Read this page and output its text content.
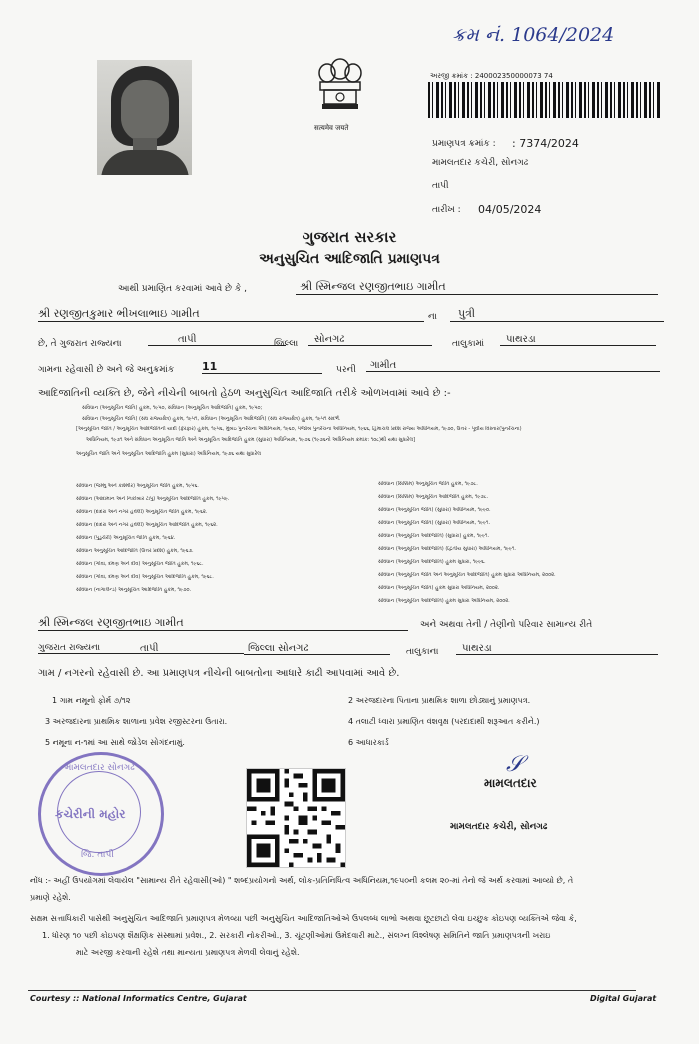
ક્રમ નં. 1064/2024
सत्यमेव जयते
અરજી ક્રમાંક : 240002350000073 74
પ્રમાણપત્ર ક્રમાંક : : 7374/2024
મામલતદાર કચેરી, સોનગઢ
તાપી
તારીખ : 04/05/2024
ગુજરાત સરકાર
અનુસુચિત આદિજાતિ પ્રમાણપત્ર
આથી પ્રમાણિત કરવામાં આવે છે કે ,	શ્રી સ્મિન્જલ રણજીતભાઇ ગામીત
શ્રી રણજીતકુમાર ભીખલાભાઇ ગામીત	ના	પુત્રી
છે, તે ગુજરાત રાજ્યના	તાપી	જિલ્લા	સોનગઢ	તાલુકામાં	પાથરડા
ગામના રહેવાસી છે અને જે અનુક્રમાંક	11	પરની	ગામીત
આદિજાતિની વ્યક્તિ છે, જેને નીચેની બાબતો હેઠળ અનુસુચિત આદિજાતિ તરીકે ઓળખવામાં આવે છે :-
સંવિધાન (અનુસૂચિત જાતિ) હુકમ, ૧૯૫૦, સંવિધાન (અનુસૂચિત આદિજાતિ) હુકમ, ૧૯૫૦;
સંવિધાન (અનુસૂચિત જાતિ) (સંઘ રાજ્યક્ષેત્ર) હુકમ, ૧૯૫૧, સંવિધાન (અનુસૂચિત આદિજાતિ) (સંઘ રાજ્યક્ષેત્ર) હુકમ, ૧૯૫૧ સંદર્ભ.
[અનુસૂચિત જાતિ / અનુસૂચિત આદિજાતિની યાદી (ફેરફાર) હુકમ, ૧૯૫૬, મુંબઇ પુનર્રચના અધિનિયમ, ૧૯૬૦, પંજાબ પુનર્રચના અધિનિયમ, ૧૯૬૬, હિમાચલ પ્રદેશ રાજ્ય અધિનિયમ, ૧૯૭૦, ઉત્તર - પૂર્વીય વિસ્તાર(પુનર્રચના)
અધિનિયમ, ૧૯૭૧ અને સંવિધાન અનુસૂચિત જાતિ અને અનુસૂચિત આદિજાતિ હુકમ (સુધારા) અધિનિયમ, ૧૯૭૬ (૧૯૭૬નો અધિનિયમ ક્રમાંક: ૧૦૮)થી યથા સુધારેલ]
અનુસૂચિત જાતિ અને અનુસૂચિત આદિજાતિ હુકમ (સુધારા) અધિનિયમ, ૧૯૭૬ યથા સુધારેલ
સંવિધાન (જમ્મુ અને કાશ્મીર) અનુસૂચિત જાતિ હુકમ, ૧૯૫૬.
સંવિધાન (આંદામાન અને નિકોબાર ટાપુ) અનુસૂચિત આદિજાતિ હુકમ, ૧૯૫૯.
સંવિધાન (દાદરા અને નગર હવેલી) અનુસૂચિત જાતિ હુકમ, ૧૯૬૨.
સંવિધાન (દાદરા અને નગર હવેલી) અનુસૂચિત આદિજાતિ હુકમ, ૧૯૬૨.
સંવિધાન (પુડુચેરી) અનુસૂચિત જાતિ હુકમ, ૧૯૬૪.
સંવિધાન અનુસૂચિત આદિજાતિ (ઉત્તર પ્રદેશ) હુકમ, ૧૯૬૭.
સંવિધાન (ગોવા, દમણ અને દીવ) અનુસૂચિત જાતિ હુકમ, ૧૯૬૮.
સંવિધાન (ગોવા, દમણ અને દીવ) અનુસૂચિત આદિજાતિ હુકમ, ૧૯૬૮.
સંવિધાન (નાગાલેન્ડ) અનુસૂચિત આદિજાતિ હુકમ, ૧૯૭૦.
સંવિધાન (સિક્કિમ) અનુસૂચિત જાતિ હુકમ, ૧૯૭૮.
સંવિધાન (સિક્કિમ) અનુસૂચિત આદિજાતિ હુકમ, ૧૯૭૮.
સંવિધાન (અનુસૂચિત જાતિ) (સુધારા) અધિનિયમ, ૧૯૯૦.
સંવિધાન (અનુસૂચિત જાતિ) (સુધારા) અધિનિયમ, ૧૯૯૧.
સંવિધાન (અનુસૂચિત આદિજાતિ) (સુધારા) હુકમ, ૧૯૯૧.
સંવિધાન (અનુસૂચિત આદિજાતિ) (દ્વિતીય સુધારા) અધિનિયમ, ૧૯૯૧.
સંવિધાન (અનુસૂચિત આદિજાતિ) હુકમ સુધારા, ૧૯૯૬.
સંવિધાન (અનુસૂચિત જાતિ અને અનુસૂચિત આદિજાતિ) હુકમ સુધારા અધિનિયમ, ૨૦૦૨.
સંવિધાન (અનુસૂચિત જાતિ) હુકમ સુધારા અધિનિયમ, ૨૦૦૨.
સંવિધાન (અનુસૂચિત આદિજાતિ) હુકમ સુધારા અધિનિયમ, ૨૦૦૨.
શ્રી સ્મિન્જલ રણજીતભાઇ ગામીત	અને અથવા તેની / તેણીનો પરિવાર સામાન્ય રીતે
ગુજરાત રાજ્યના	તાપી	જિલ્લા સોનગઢ	તાલુકાના	પાથરડા
ગામ / નગરનો રહેવાસી છે. આ પ્રમાણપત્ર નીચેની બાબતોના આધારે કાઢી આપવામાં આવે છે.
1 ગામ નમૂનો ફોર્મ ૭/૧૨	2 અરજદારના પિતાના પ્રાથમિક શાળા છોડ્યાનું પ્રમાણપત્ર.
3 અરજદારના પ્રાથમિક શાળાના પ્રવેશ રજીસ્ટરના ઉતારા.	4 તલાટી ધ્વારા પ્રમાણિત વંશવૃક્ષ (પરદાદાથી શરૂઆત કરીને.)
5 નમૂના ન-૧માં આ સાથે જોડેલ સોગંદનામું.	6 આધારકાર્ડ
મામલતદાર સોનગઢ
કચેરીની મહોર
જિ. તાપી
𝒮
મામલતદાર
મામલતદાર કચેરી, સોનગઢ
નોંધ :- અહીં ઉપયોગમાં લેવાયેલ "સામાન્ય રીતે રહેવાસી(ઓ) " શબ્દપ્રયોગનો અર્થ, લોક-પ્રતિનિધિત્વ અધિનિયમ,૧૯૫૦ની કલમ ૨૦-માં તેનો જે અર્થ કરવામાં આવ્યો છે, તે
પ્રમાણે રહેશે.
સક્ષમ સત્તાધિકારી પાસેથી અનુસુચિત આદિજાતિ પ્રમાણપત્ર મેળવ્યા પછી અનુસુચિત આદિજાતિઓએ ઉપલબ્ધ લાભો અથવા છૂટછાટો લેવા ઇચ્છુક કોઇપણ વ્યક્તિએ જેવા કે,
1. ધોરણ ૧૦ પછી કોઇપણ શૈક્ષણિક સંસ્થામાં પ્રવેશ., 2. સરકારી નોકરીઓ., 3. ચૂંટણીઓમાં ઉમેદવારી માટે., સંલગ્ન વિશ્લેષણ સમિતિને જાતિ પ્રમાણપત્રની ખરાઇ
માટે અરજી કરવાની રહેશે તથા માન્યતા પ્રમાણપત્ર મેળવી લેવાનું રહેશે.
Courtesy :: National Informatics Centre, Gujarat	Digital Gujarat
